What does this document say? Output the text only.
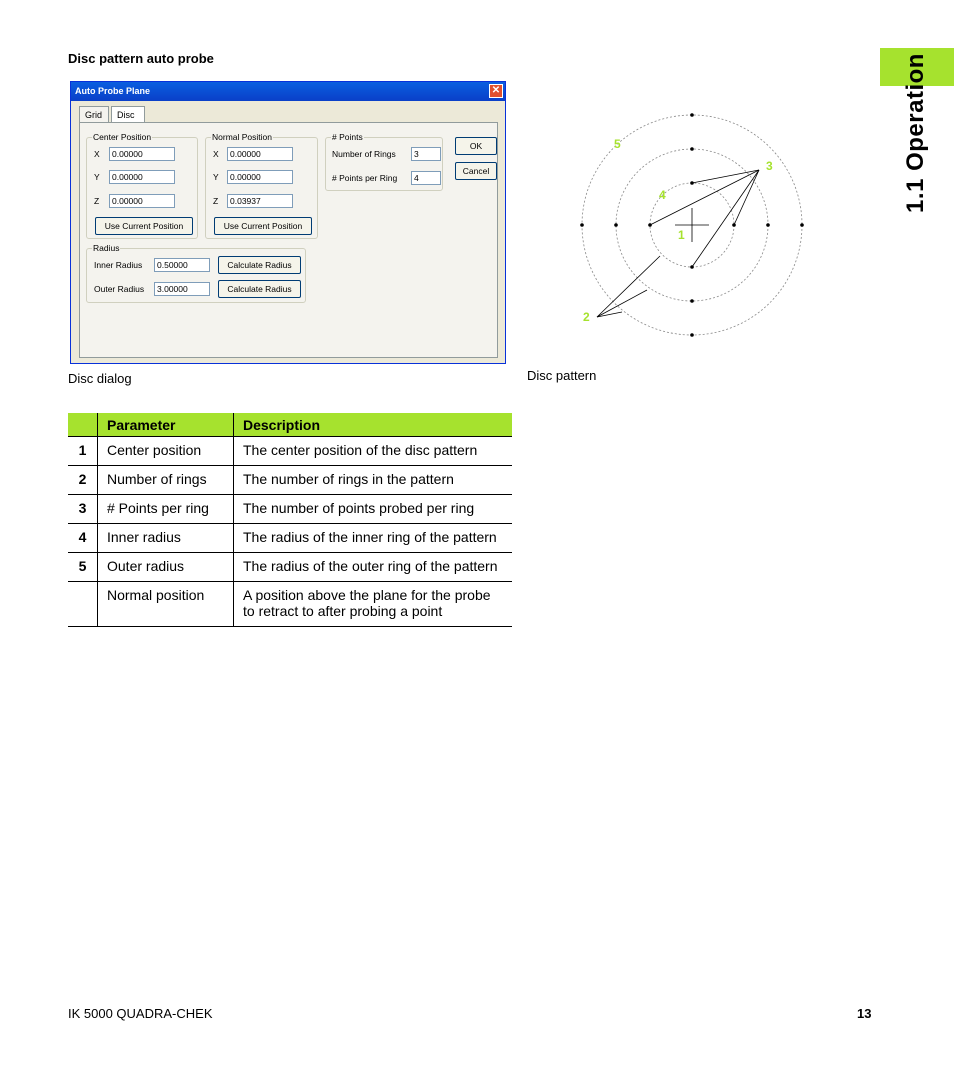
Disc pattern auto probe	1.1 Operation
Auto Probe Plane	✕
Grid	Disc
Center Position
X	0.00000
Y	0.00000
Z	0.00000
Use Current Position
Normal Position
X	0.00000
Y	0.00000
Z	0.03937
Use Current Position
# Points
Number of Rings	3
# Points per Ring	4
Radius
Inner Radius	0.50000	Calculate Radius
Outer Radius	3.00000	Calculate Radius
OK
Cancel
Disc dialog
1
2
3
4
5
Disc pattern
	Parameter	Description
1	Center position	The center position of the disc pattern
2	Number of rings	The number of rings in the pattern
3	# Points per ring	The number of points probed per ring
4	Inner radius	The radius of the inner ring of the pattern
5	Outer radius	The radius of the outer ring of the pattern
	Normal position	A position above the plane for the probe to retract to after probing a point
IK 5000 QUADRA-CHEK	13
